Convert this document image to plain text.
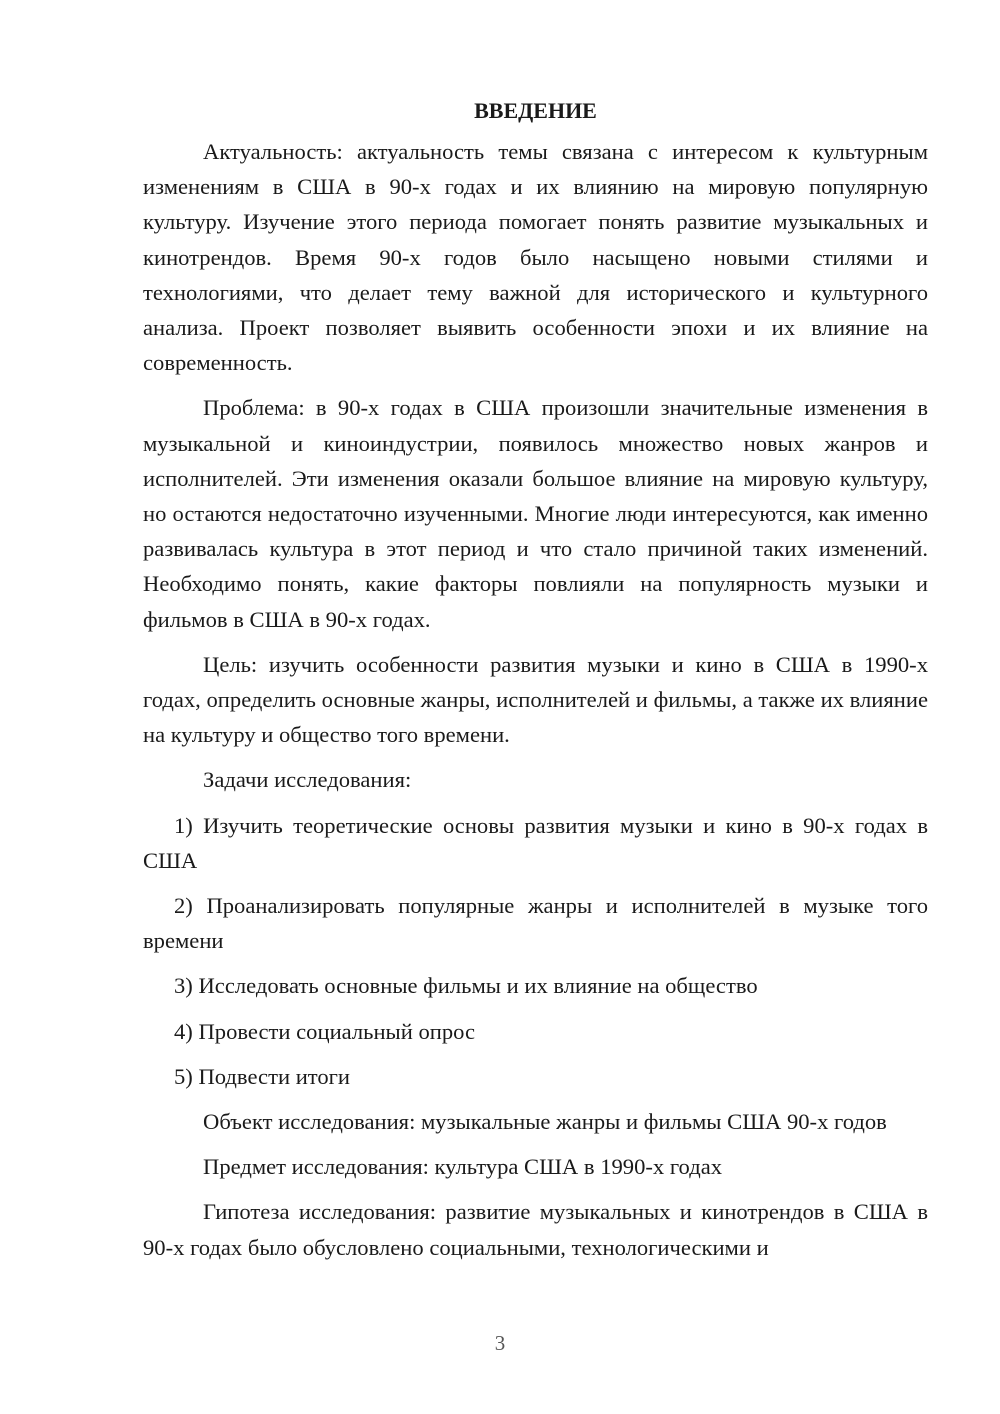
ВВЕДЕНИЕ

Актуальность: актуальность темы связана с интересом к культурным изменениям в США в 90-х годах и их влиянию на мировую популярную культуру. Изучение этого периода помогает понять развитие музыкальных и кинотрендов. Время 90-х годов было насыщено новыми стилями и технологиями, что делает тему важной для исторического и культурного анализа. Проект позволяет выявить особенности эпохи и их влияние на современность.

Проблема: в 90-х годах в США произошли значительные изменения в музыкальной и киноиндустрии, появилось множество новых жанров и исполнителей. Эти изменения оказали большое влияние на мировую культуру, но остаются недостаточно изученными. Многие люди интересуются, как именно развивалась культура в этот период и что стало причиной таких изменений. Необходимо понять, какие факторы повлияли на популярность музыки и фильмов в США в 90-х годах.

Цель: изучить особенности развития музыки и кино в США в 1990-х годах, определить основные жанры, исполнителей и фильмы, а также их влияние на культуру и общество того времени.

Задачи исследования:

1) Изучить теоретические основы развития музыки и кино в 90-х годах в США

2) Проанализировать популярные жанры и исполнителей в музыке того времени

3) Исследовать основные фильмы и их влияние на общество

4) Провести социальный опрос

5) Подвести итоги

Объект исследования: музыкальные жанры и фильмы США 90-х годов

Предмет исследования: культура США в 1990-х годах

Гипотеза исследования: развитие музыкальных и кинотрендов в США в 90-х годах было обусловлено социальными, технологическими и

3
